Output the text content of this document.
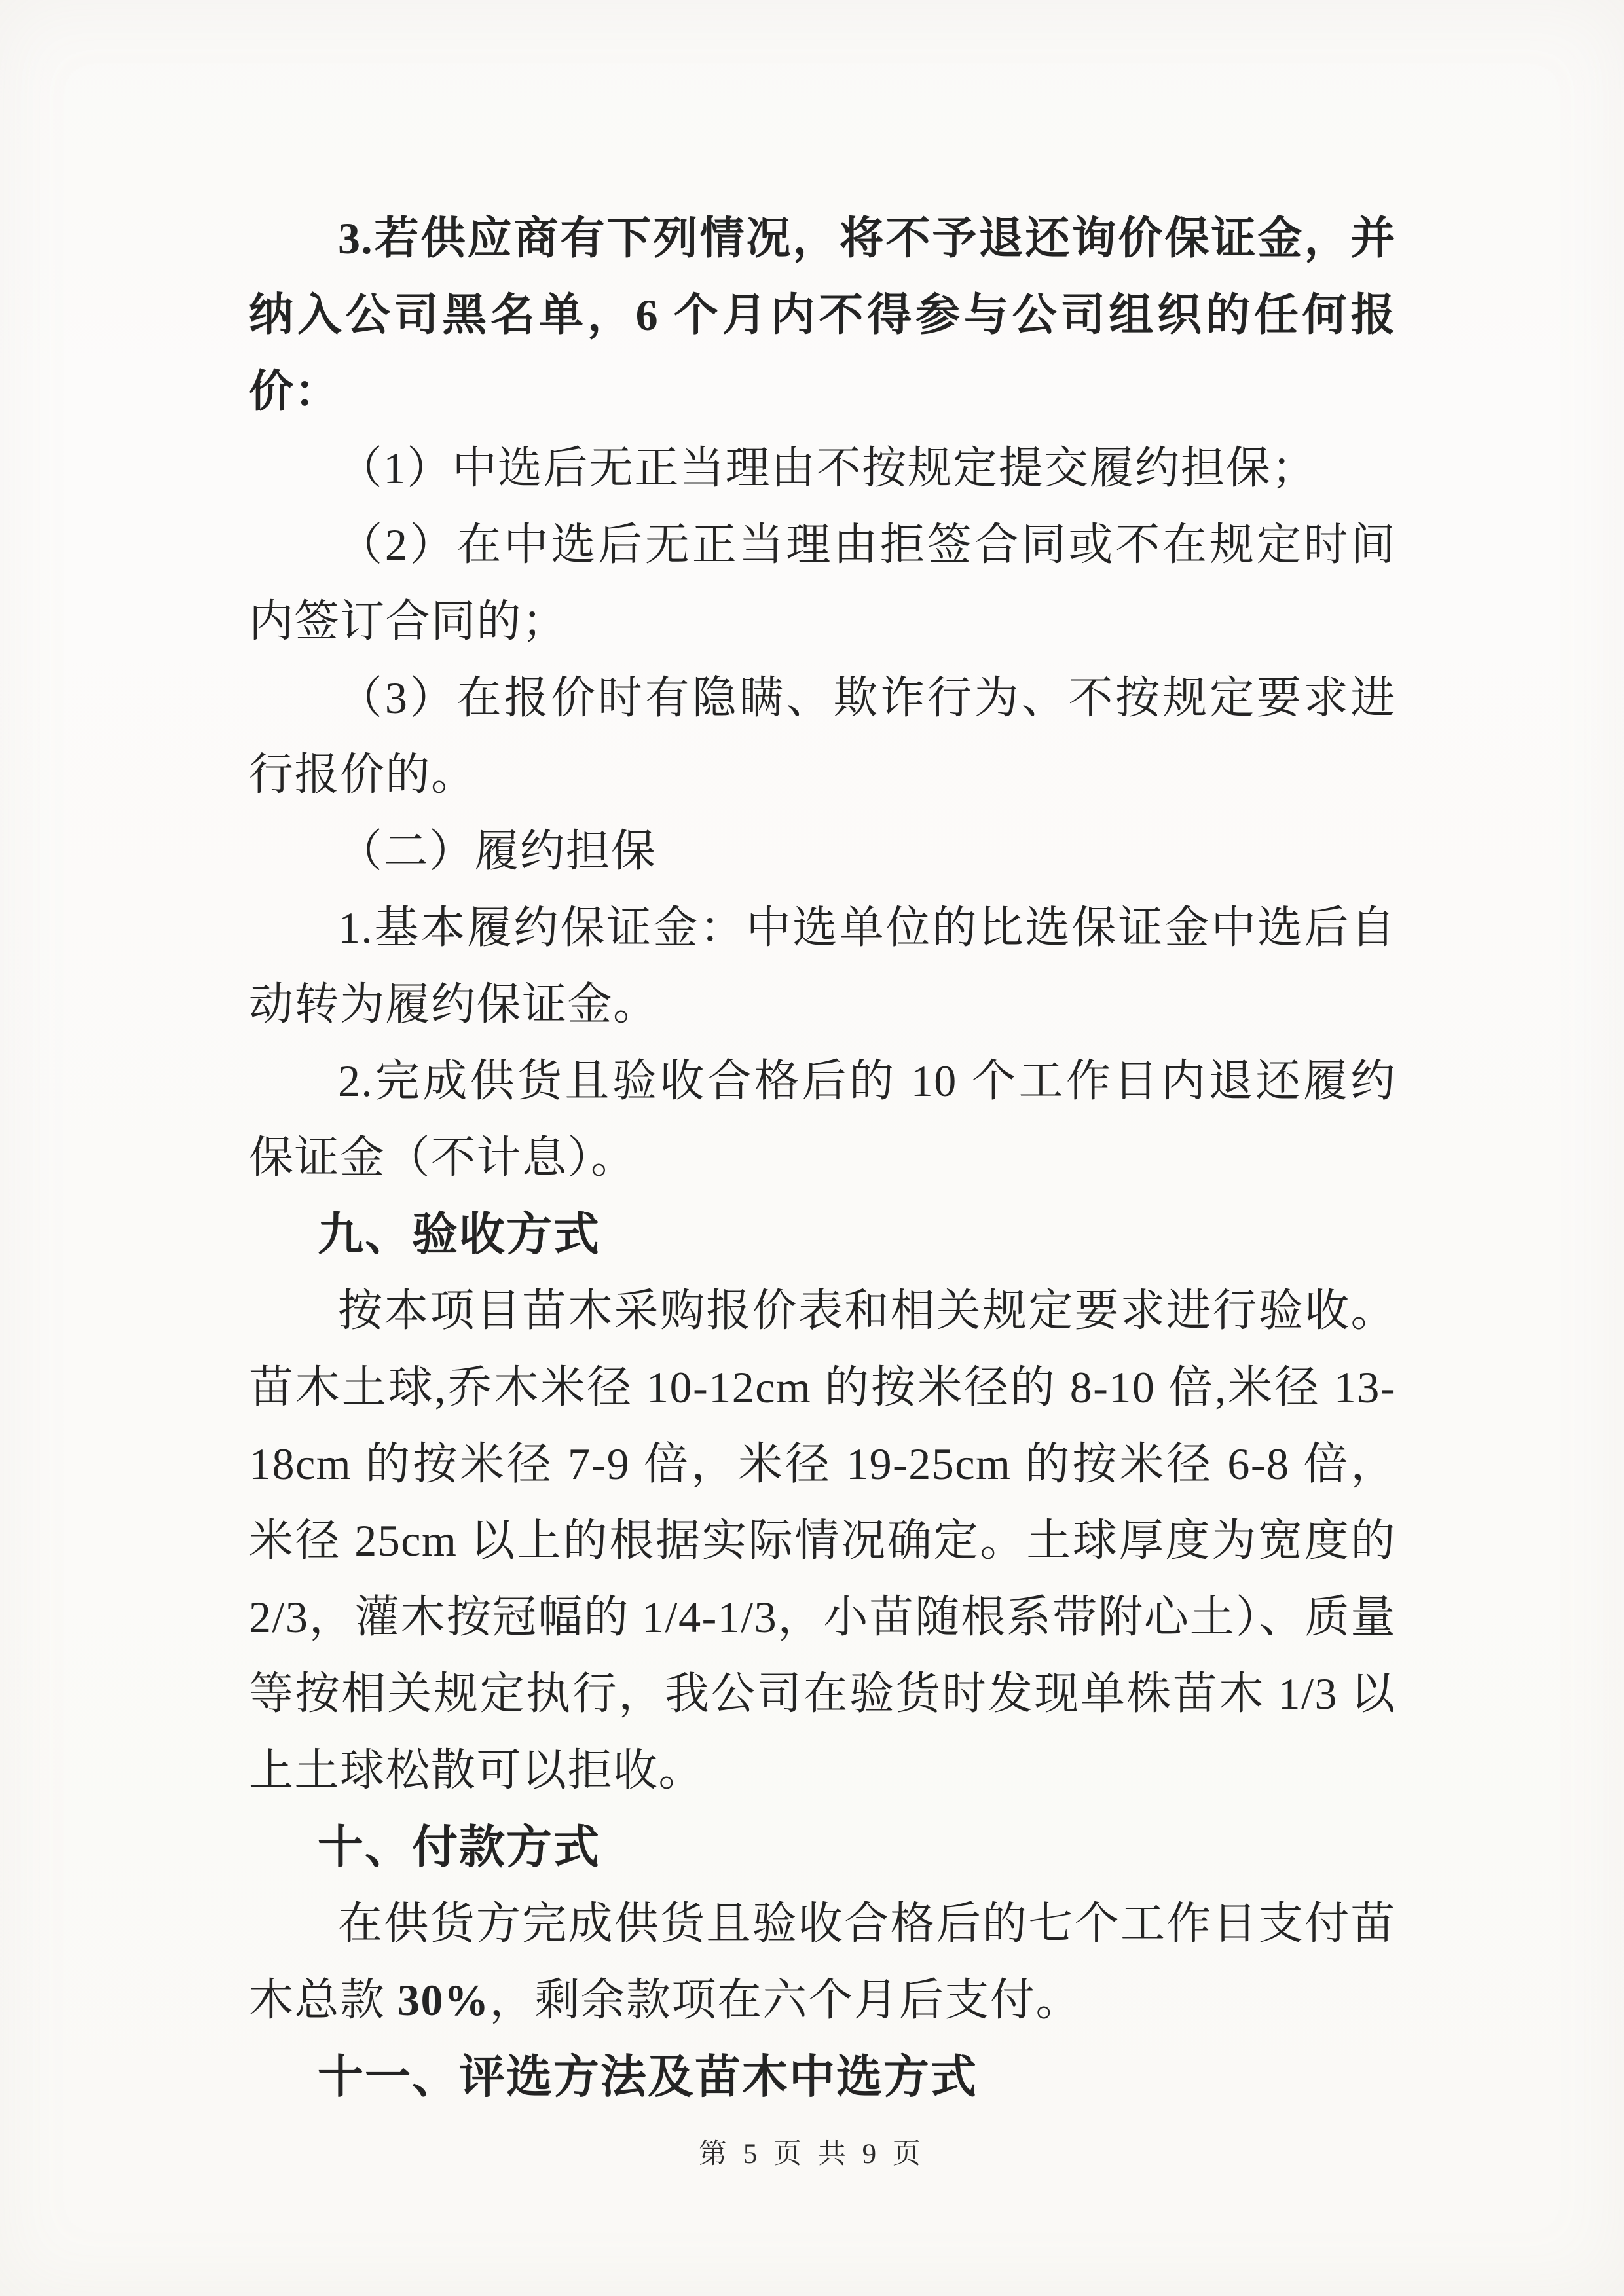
3.若供应商有下列情况，将不予退还询价保证金，并纳入公司黑名单，6 个月内不得参与公司组织的任何报价：

（1）中选后无正当理由不按规定提交履约担保；

（2）在中选后无正当理由拒签合同或不在规定时间内签订合同的；

（3）在报价时有隐瞒、欺诈行为、不按规定要求进行报价的。

（二）履约担保

1.基本履约保证金：中选单位的比选保证金中选后自动转为履约保证金。

2.完成供货且验收合格后的 10 个工作日内退还履约保证金（不计息）。

九、验收方式

按本项目苗木采购报价表和相关规定要求进行验收。苗木土球,乔木米径 10-12cm 的按米径的 8-10 倍,米径 13-18cm 的按米径 7-9 倍，米径 19-25cm 的按米径 6-8 倍，米径 25cm 以上的根据实际情况确定。土球厚度为宽度的 2/3，灌木按冠幅的 1/4-1/3，小苗随根系带附心土）、质量等按相关规定执行，我公司在验货时发现单株苗木 1/3 以上土球松散可以拒收。

十、付款方式

在供货方完成供货且验收合格后的七个工作日支付苗木总款 30%，剩余款项在六个月后支付。

十一、评选方法及苗木中选方式

第 5 页 共 9 页
